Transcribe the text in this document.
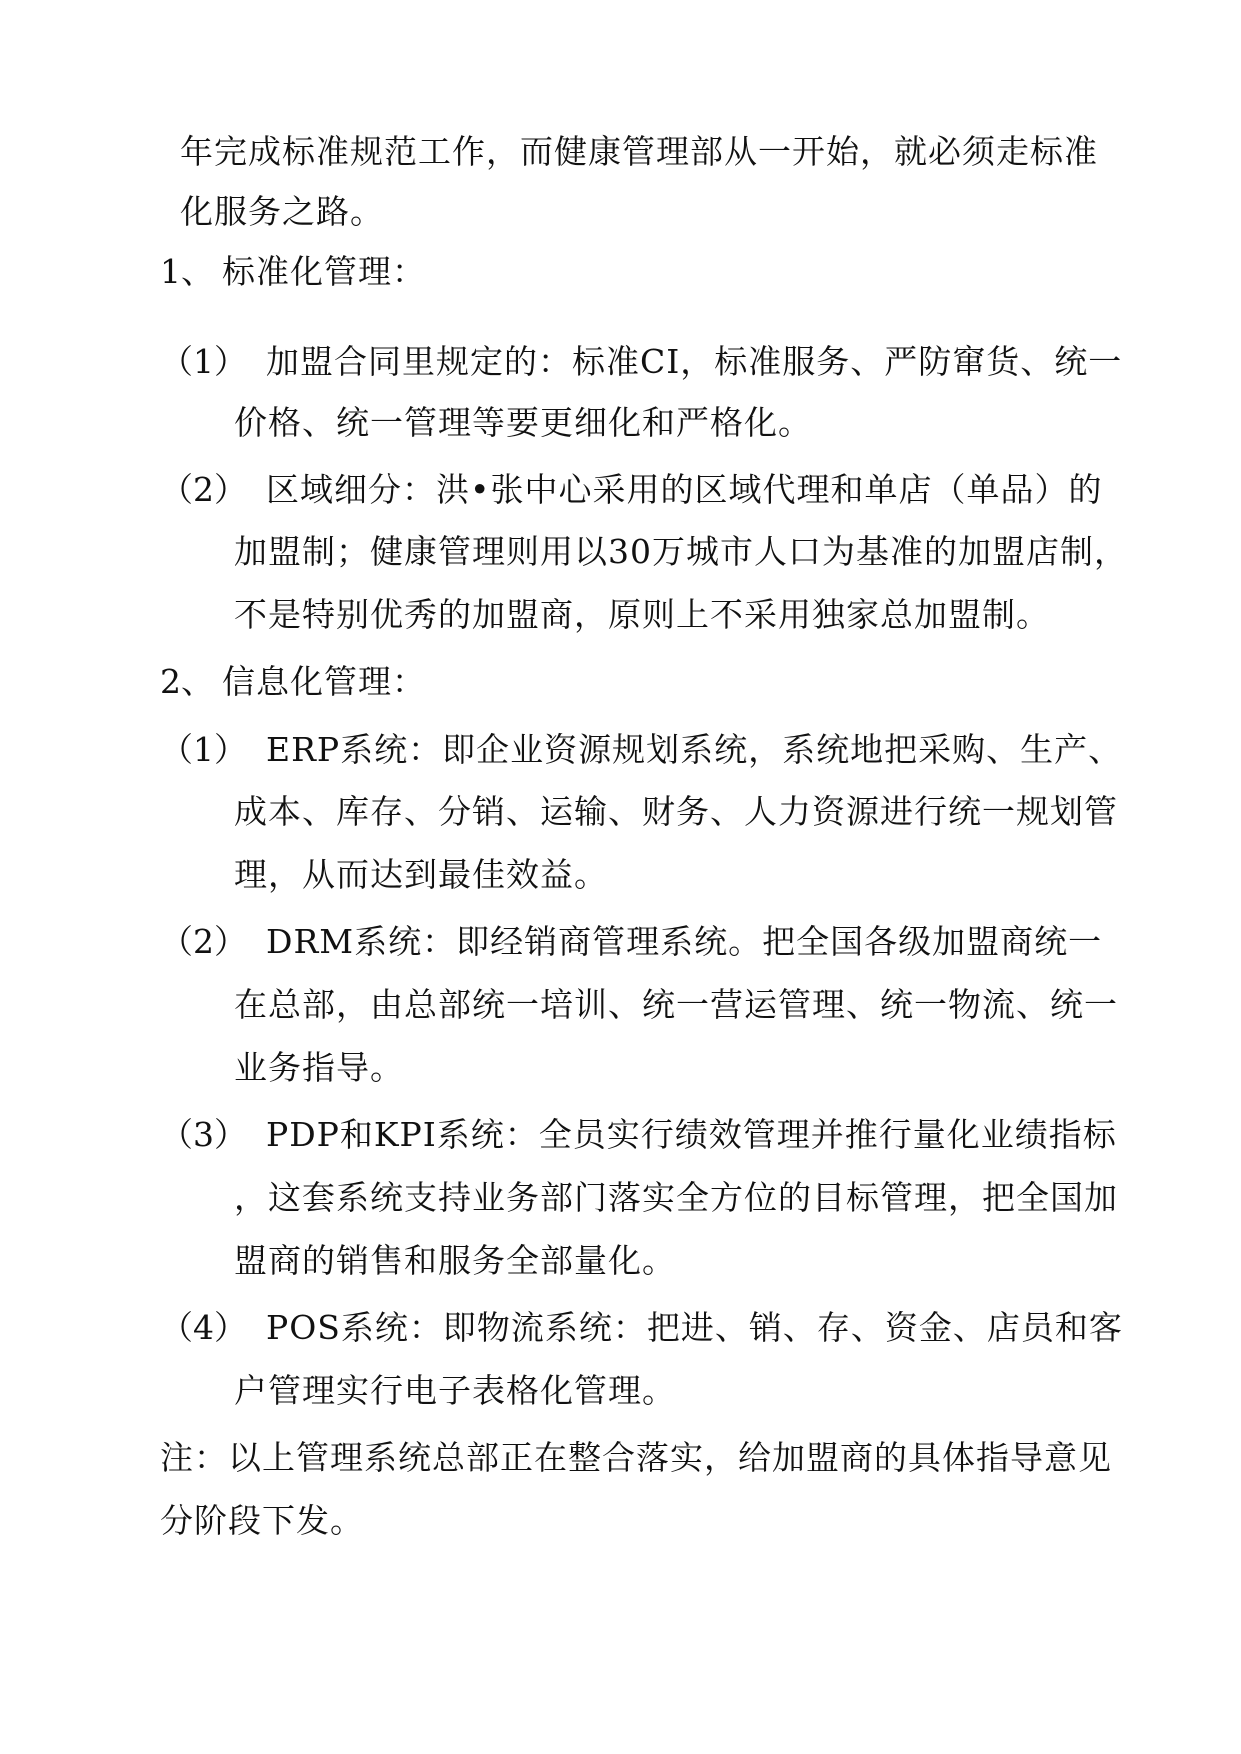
年完成标准规范工作，而健康管理部从一开始，就必须走标准
化服务之路。
1、 标准化管理：
（1） 加盟合同里规定的：标准CI，标准服务、严防窜货、统一
价格、统一管理等要更细化和严格化。
（2） 区域细分：洪•张中心采用的区域代理和单店（单品）的
加盟制；健康管理则用以30万城市人口为基准的加盟店制，
不是特别优秀的加盟商，原则上不采用独家总加盟制。
2、 信息化管理：
（1） ERP系统：即企业资源规划系统，系统地把采购、生产、
成本、库存、分销、运输、财务、人力资源进行统一规划管
理，从而达到最佳效益。
（2） DRM系统：即经销商管理系统。把全国各级加盟商统一
在总部，由总部统一培训、统一营运管理、统一物流、统一
业务指导。
（3） PDP和KPI系统：全员实行绩效管理并推行量化业绩指标
，这套系统支持业务部门落实全方位的目标管理，把全国加
盟商的销售和服务全部量化。
（4） POS系统：即物流系统：把进、销、存、资金、店员和客
户管理实行电子表格化管理。
注：以上管理系统总部正在整合落实，给加盟商的具体指导意见
分阶段下发。
